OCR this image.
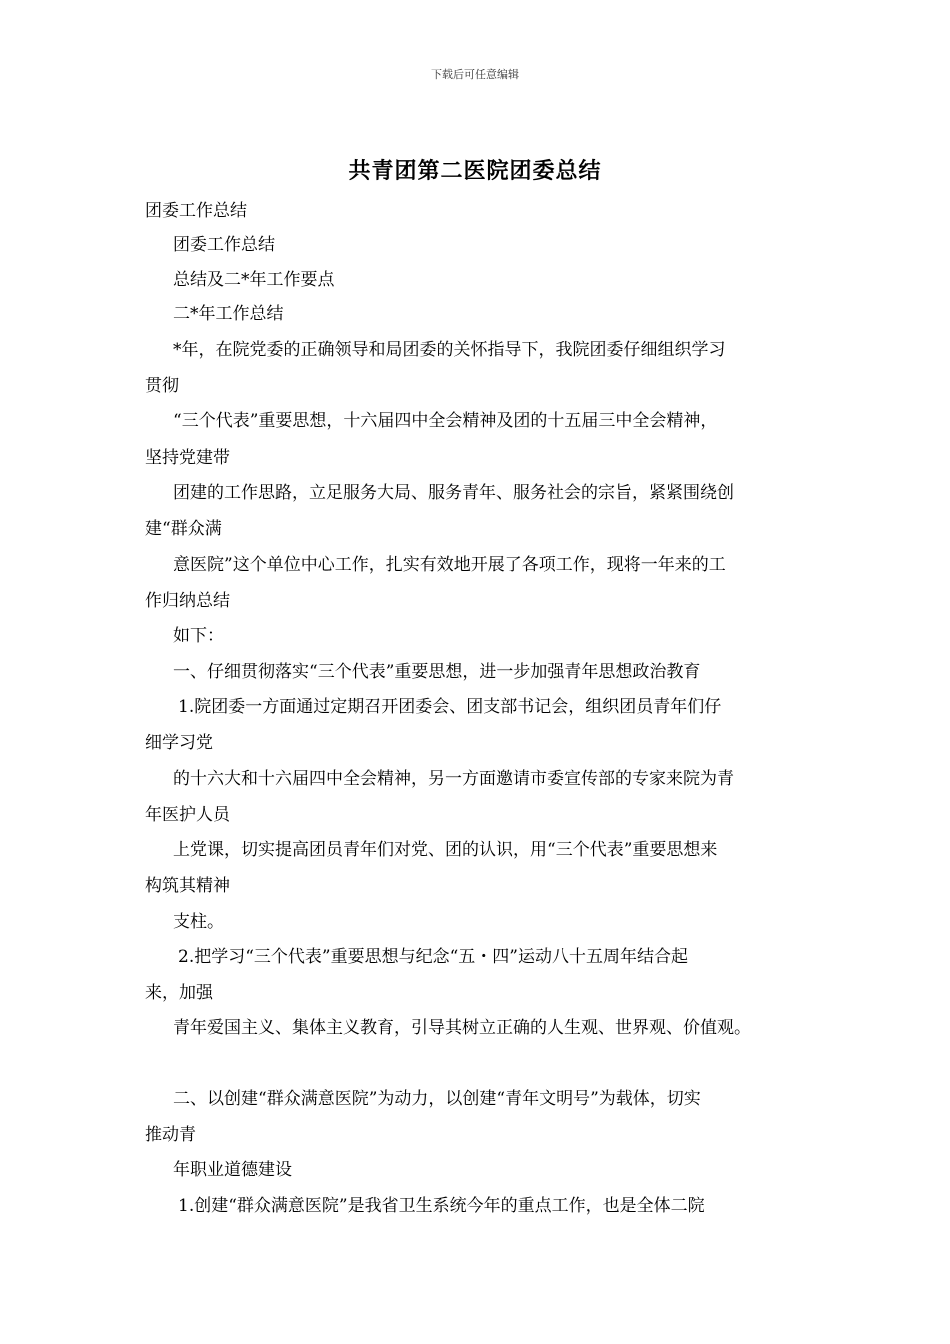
下载后可任意编辑
共青团第二医院团委总结
团委工作总结
团委工作总结
总结及二*年工作要点
二*年工作总结
*年，在院党委的正确领导和局团委的关怀指导下，我院团委仔细组织学习
贯彻
“三个代表”重要思想，十六届四中全会精神及团的十五届三中全会精神，
坚持党建带
团建的工作思路，立足服务大局、服务青年、服务社会的宗旨，紧紧围绕创
建“群众满
意医院”这个单位中心工作，扎实有效地开展了各项工作，现将一年来的工
作归纳总结
如下：
一、仔细贯彻落实“三个代表”重要思想，进一步加强青年思想政治教育
1.院团委一方面通过定期召开团委会、团支部书记会，组织团员青年们仔
细学习党
的十六大和十六届四中全会精神，另一方面邀请市委宣传部的专家来院为青
年医护人员
上党课，切实提高团员青年们对党、团的认识，用“三个代表”重要思想来
构筑其精神
支柱。
2.把学习“三个代表”重要思想与纪念“五・四”运动八十五周年结合起
来，加强
青年爱国主义、集体主义教育，引导其树立正确的人生观、世界观、价值观。
二、以创建“群众满意医院”为动力，以创建“青年文明号”为载体，切实
推动青
年职业道德建设
1.创建“群众满意医院”是我省卫生系统今年的重点工作，也是全体二院
